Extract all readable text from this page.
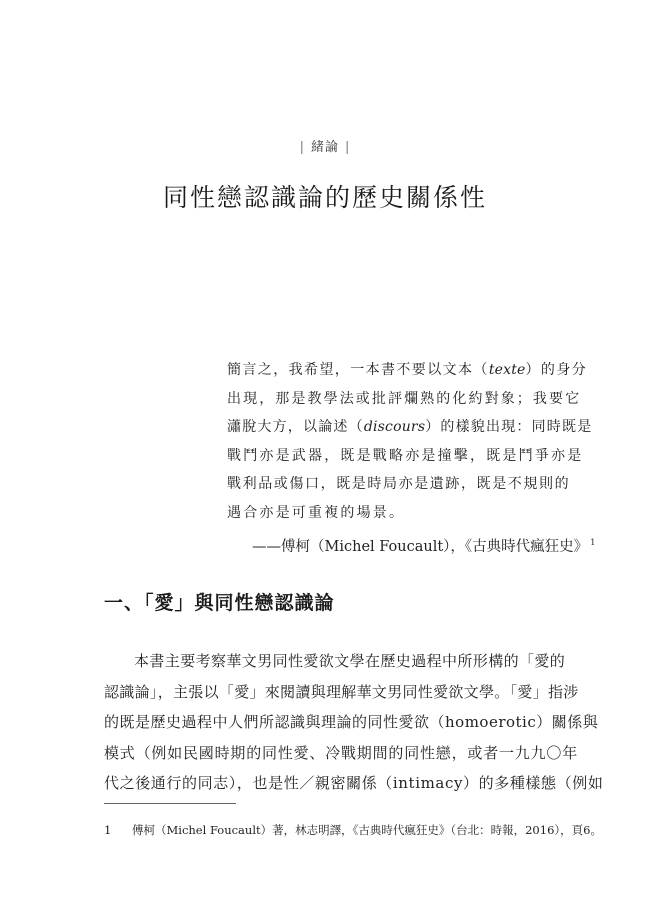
| 緒論 |
同性戀認識論的歷史關係性
簡言之，我希望，一本書不要以文本（texte）的身分
出現，那是教學法或批評爛熟的化約對象；我要它
瀟脫大方，以論述（discours）的樣貌出現：同時既是
戰鬥亦是武器，既是戰略亦是撞擊，既是鬥爭亦是
戰利品或傷口，既是時局亦是遺跡，既是不規則的
遇合亦是可重複的場景。
——傅柯（Michel Foucault），《古典時代瘋狂史》 $^1$
一、「愛」與同性戀認識論
本書主要考察華文男同性愛欲文學在歷史過程中所形構的「愛的
認識論」，主張以「愛」來閱讀與理解華文男同性愛欲文學。「愛」指涉
的既是歷史過程中人們所認識與理論的同性愛欲（homoerotic）關係與
模式（例如民國時期的同性愛、冷戰期間的同性戀，或者一九九〇年
代之後通行的同志），也是性／親密關係（intimacy）的多種樣態（例如
1 傅柯（Michel Foucault）著，林志明譯，《古典時代瘋狂史》（台北：時報，2016），頁6。
